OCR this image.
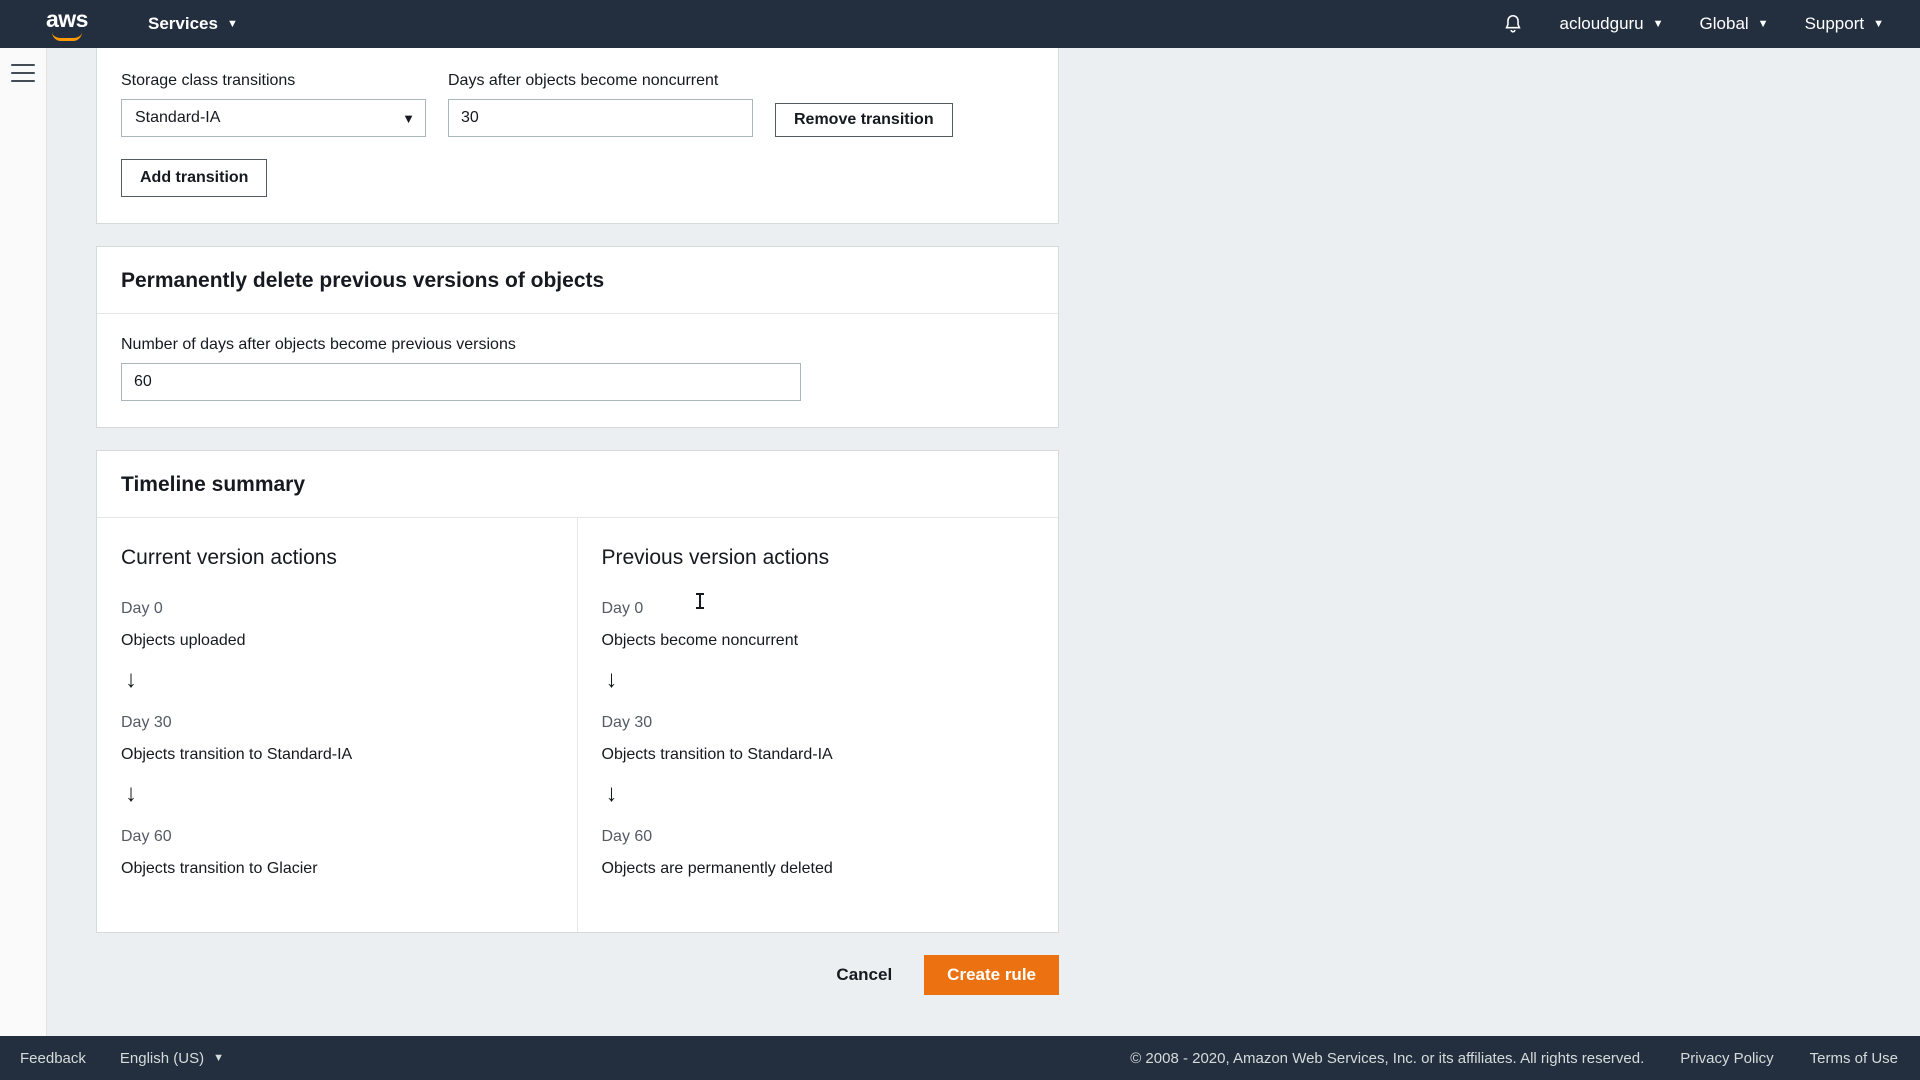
aws	Services ▼	acloudguru ▼ Global ▼ Support ▼
Storage class transitions
Standard-IA	▼
Days after objects become noncurrent
30	Remove transition
Add transition
Permanently delete previous versions of objects
Number of days after objects become previous versions
60
Timeline summary
Current version actions
Day 0
Objects uploaded
↓
Day 30
Objects transition to Standard-IA
↓
Day 60
Objects transition to Glacier
Previous version actions
Day 0
Objects become noncurrent
↓
Day 30
Objects transition to Standard-IA
↓
Day 60
Objects are permanently deleted
Cancel	Create rule
Feedback English (US) ▼	© 2008 - 2020, Amazon Web Services, Inc. or its affiliates. All rights reserved. Privacy Policy Terms of Use
